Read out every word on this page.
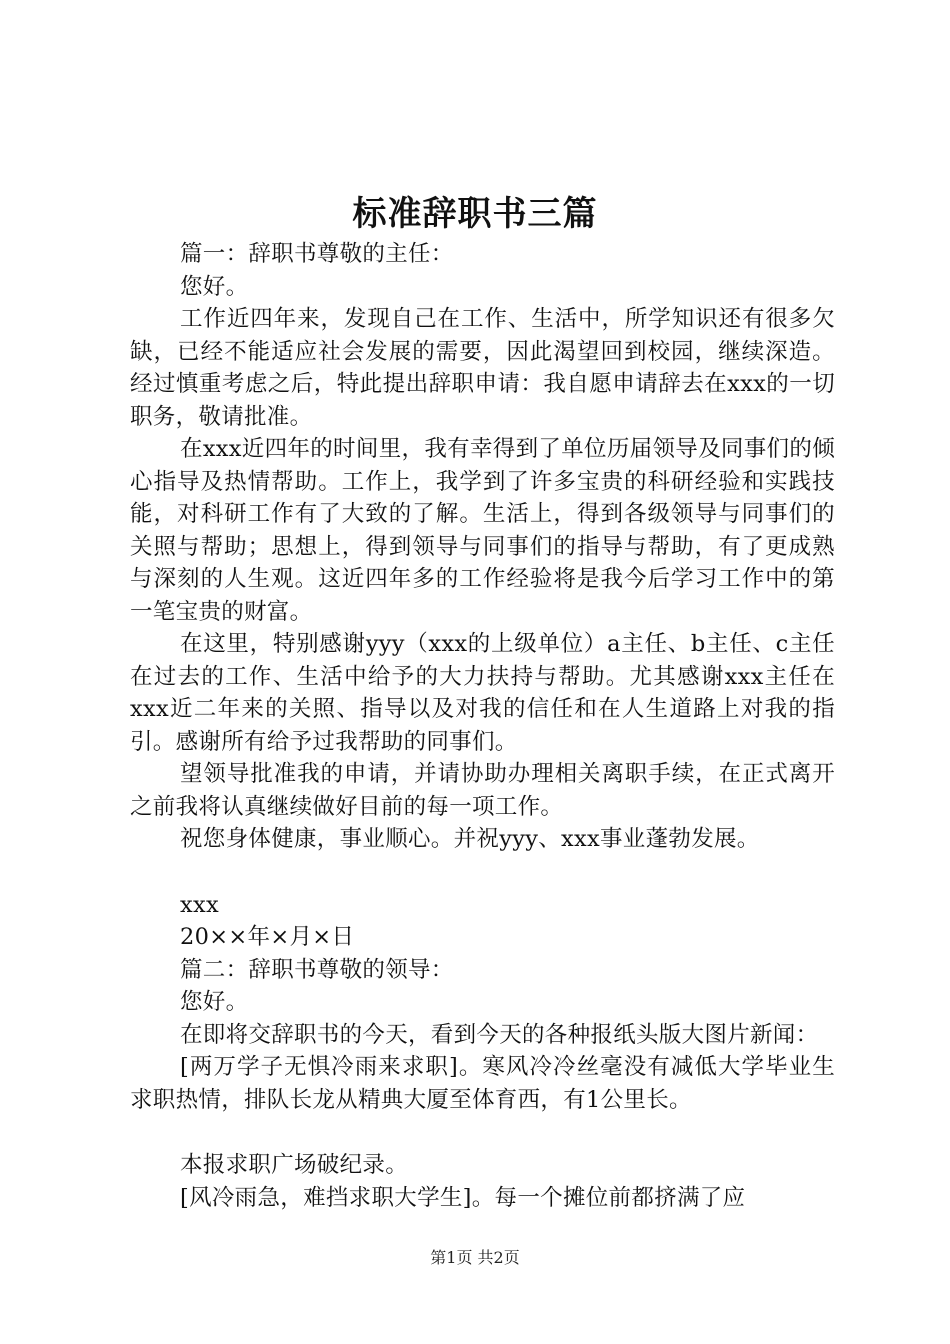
标准辞职书三篇

篇一：辞职书尊敬的主任：

您好。

工作近四年来，发现自己在工作、生活中，所学知识还有很多欠缺，已经不能适应社会发展的需要，因此渴望回到校园，继续深造。经过慎重考虑之后，特此提出辞职申请：我自愿申请辞去在xxx的一切职务，敬请批准。

在xxx近四年的时间里，我有幸得到了单位历届领导及同事们的倾心指导及热情帮助。工作上，我学到了许多宝贵的科研经验和实践技能，对科研工作有了大致的了解。生活上，得到各级领导与同事们的关照与帮助；思想上，得到领导与同事们的指导与帮助，有了更成熟与深刻的人生观。这近四年多的工作经验将是我今后学习工作中的第一笔宝贵的财富。

在这里，特别感谢yyy（xxx的上级单位）a主任、b主任、c主任在过去的工作、生活中给予的大力扶持与帮助。尤其感谢xxx主任在xxx近二年来的关照、指导以及对我的信任和在人生道路上对我的指引。感谢所有给予过我帮助的同事们。

望领导批准我的申请，并请协助办理相关离职手续，在正式离开之前我将认真继续做好目前的每一项工作。

祝您身体健康，事业顺心。并祝yyy、xxx事业蓬勃发展。

xxx

20××年×月×日

篇二：辞职书尊敬的领导：

您好。

在即将交辞职书的今天，看到今天的各种报纸头版大图片新闻：

[两万学子无惧冷雨来求职]。寒风冷冷丝毫没有减低大学毕业生求职热情，排队长龙从精典大厦至体育西，有1公里长。

本报求职广场破纪录。

[风冷雨急，难挡求职大学生]。每一个摊位前都挤满了应

第1页 共2页
